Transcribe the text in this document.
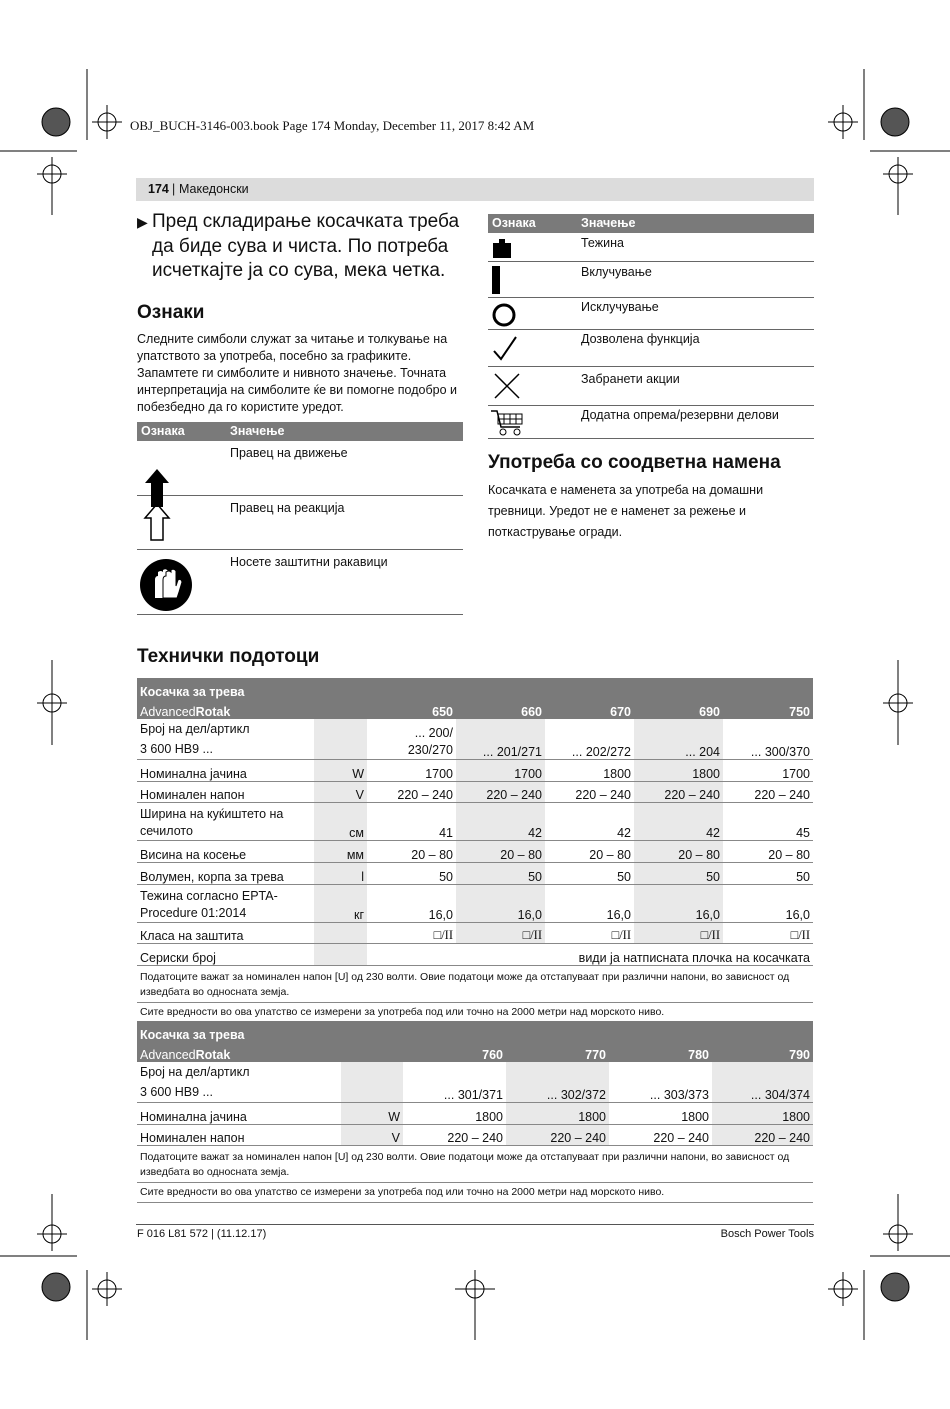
OBJ_BUCH-3146-003.book Page 174 Monday, December 11, 2017 8:42 AM
174 | Македонски
▶ Пред складирање косачката треба да биде сува и чиста. По потреба исчеткајте ја со сува, мека четка.
Ознаки
Следните симболи служат за читање и толкување на упатството за употреба, посебно за графиките. Запамтете ги симболите и нивното значење. Точната интерпретација на симболите ќе ви помогне подобро и побезбедно да го користите уредот.
Ознака	Значење
Правец на движење
Правец на реакција
Носете заштитни ракавици
Ознака	Значење
Тежина
Вклучување
Исклучување
Дозволена функција
Забранети акции
Додатна опрема/резервни делови
Употреба со соодветна намена
Косачката е наменета за употреба на домашни тревници. Уредот не е наменет за режење и поткастрување огради.
Технички подотоци
Косачка за трева						
AdvancedRotak		650	660	670	690	750
Број на дел/артикл
3 600 HB9 ...		... 200/
230/270	... 201/271	... 202/272	... 204	... 300/370
Номинална јачина	W	1700	1700	1800	1800	1700
Номинален напон	V	220 – 240	220 – 240	220 – 240	220 – 240	220 – 240
Ширина на куќиштето на
сечилото	см	41	42	42	42	45
Висина на косење	мм	20 – 80	20 – 80	20 – 80	20 – 80	20 – 80
Волумен, корпа за трева	l	50	50	50	50	50
Тежина согласно EPTA-
Procedure 01:2014	кг	16,0	16,0	16,0	16,0	16,0
Класа на заштита		□/II	□/II	□/II	□/II	□/II
Сериски број		види ја натписната плочка на косачката				
Податоците важат за номинален напон [U] од 230 волти. Овие податоци може да отстапуваат при различни напони, во зависност од изведбата во односната земја.
Сите вредности во ова упатство се измерени за употреба под или точно на 2000 метри над морското ниво.
Косачка за трева					
AdvancedRotak		760	770	780	790
Број на дел/артикл
3 600 HB9 ...		... 301/371	... 302/372	... 303/373	... 304/374
Номинална јачина	W	1800	1800	1800	1800
Номинален напон	V	220 – 240	220 – 240	220 – 240	220 – 240
Податоците важат за номинален напон [U] од 230 волти. Овие податоци може да отстапуваат при различни напони, во зависност од изведбата во односната земја.
Сите вредности во ова упатство се измерени за употреба под или точно на 2000 метри над морското ниво.
F 016 L81 572 | (11.12.17)	Bosch Power Tools
